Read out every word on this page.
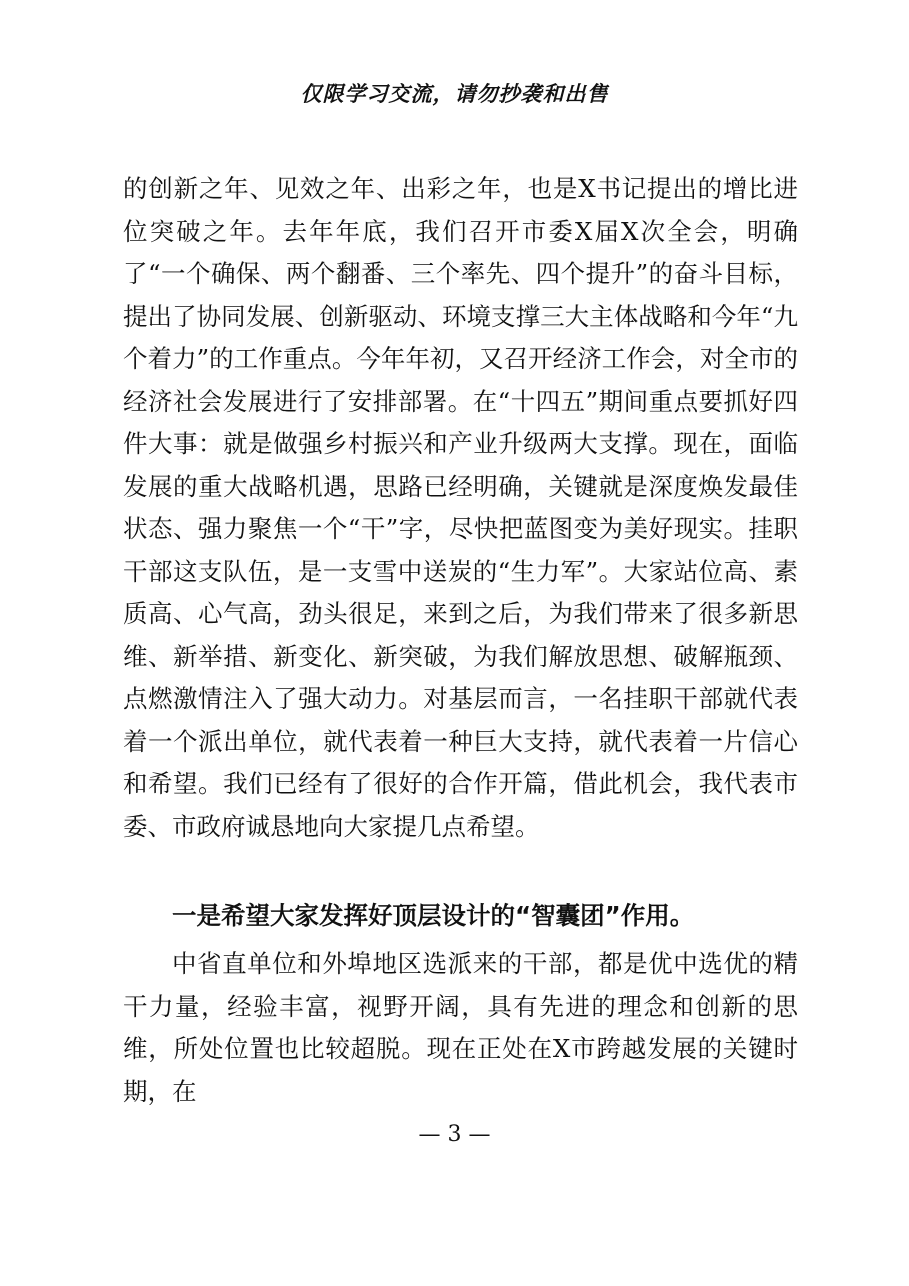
仅限学习交流，请勿抄袭和出售

的创新之年、见效之年、出彩之年，也是X书记提出的增比进位突破之年。去年年底，我们召开市委X届X次全会，明确了“一个确保、两个翻番、三个率先、四个提升”的奋斗目标，提出了协同发展、创新驱动、环境支撑三大主体战略和今年“九个着力”的工作重点。今年年初，又召开经济工作会，对全市的经济社会发展进行了安排部署。在“十四五”期间重点要抓好四件大事：就是做强乡村振兴和产业升级两大支撑。现在，面临发展的重大战略机遇，思路已经明确，关键就是深度焕发最佳状态、强力聚焦一个“干”字，尽快把蓝图变为美好现实。挂职干部这支队伍，是一支雪中送炭的“生力军”。大家站位高、素质高、心气高，劲头很足，来到之后，为我们带来了很多新思维、新举措、新变化、新突破，为我们解放思想、破解瓶颈、点燃激情注入了强大动力。对基层而言，一名挂职干部就代表着一个派出单位，就代表着一种巨大支持，就代表着一片信心和希望。我们已经有了很好的合作开篇，借此机会，我代表市委、市政府诚恳地向大家提几点希望。

一是希望大家发挥好顶层设计的“智囊团”作用。

中省直单位和外埠地区选派来的干部，都是优中选优的精干力量，经验丰富，视野开阔，具有先进的理念和创新的思维，所处位置也比较超脱。现在正处在X市跨越发展的关键时期，在

— 3 —
